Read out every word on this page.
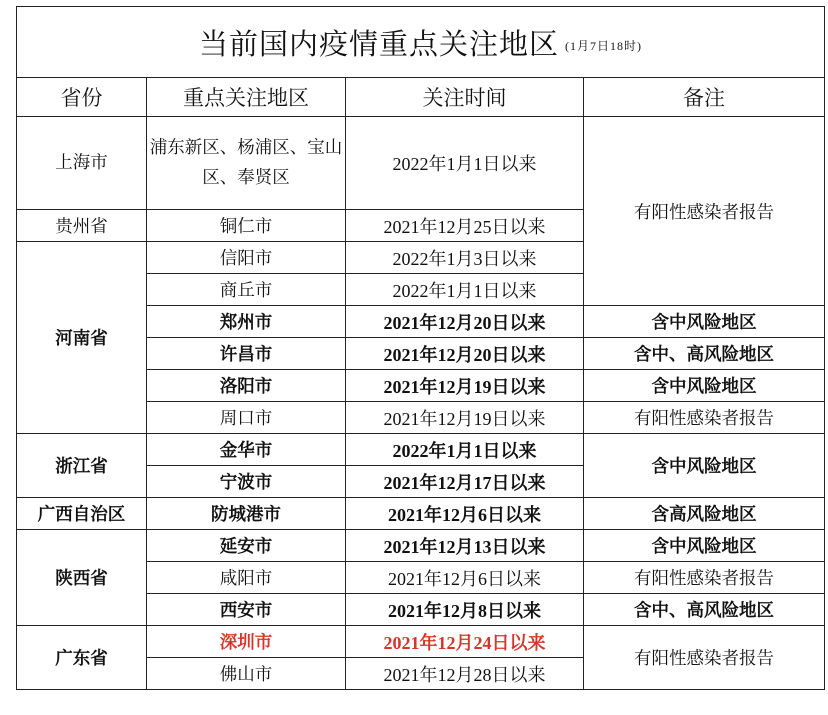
当前国内疫情重点关注地区 (1月7日18时)			
省份	重点关注地区	关注时间	备注
上海市	浦东新区、杨浦区、宝山区、奉贤区	2022年1月1日以来	有阳性感染者报告
贵州省	铜仁市	2021年12月25日以来	
河南省	信阳市	2022年1月3日以来	
	商丘市	2022年1月1日以来	
	郑州市	2021年12月20日以来	含中风险地区
	许昌市	2021年12月20日以来	含中、高风险地区
	洛阳市	2021年12月19日以来	含中风险地区
	周口市	2021年12月19日以来	有阳性感染者报告
浙江省	金华市	2022年1月1日以来	含中风险地区
	宁波市	2021年12月17日以来	
广西自治区	防城港市	2021年12月6日以来	含高风险地区
陕西省	延安市	2021年12月13日以来	含中风险地区
	咸阳市	2021年12月6日以来	有阳性感染者报告
	西安市	2021年12月8日以来	含中、高风险地区
广东省	深圳市	2021年12月24日以来	有阳性感染者报告
	佛山市	2021年12月28日以来	
